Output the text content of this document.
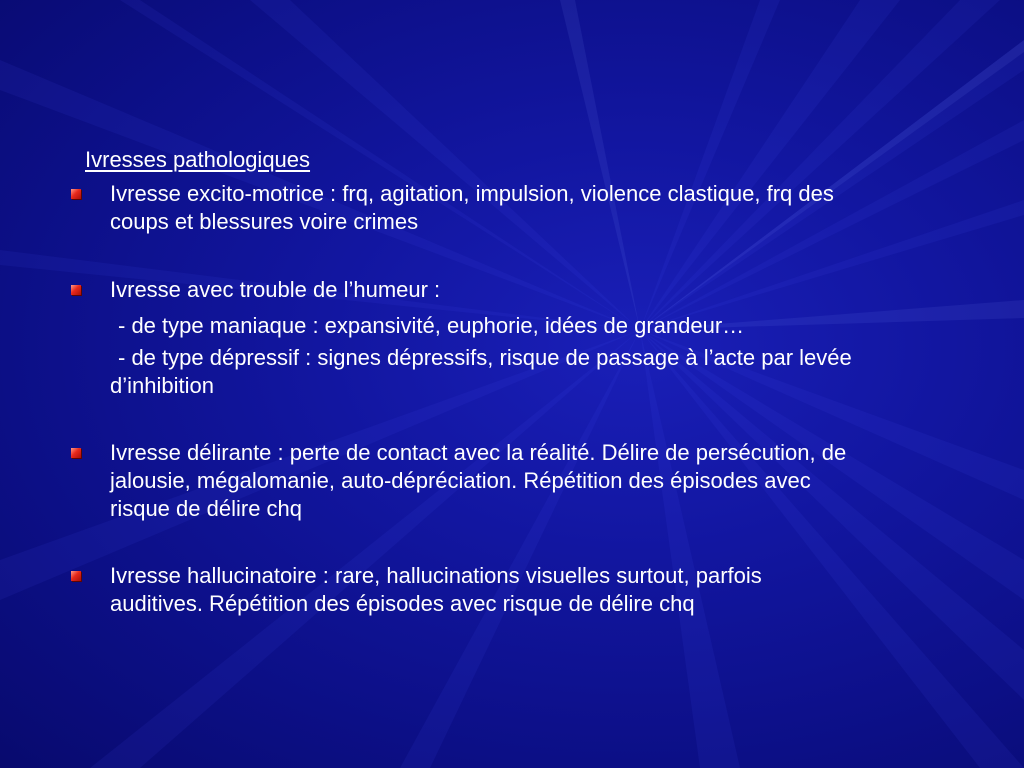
Ivresses pathologiques
Ivresse excito-motrice : frq, agitation, impulsion, violence clastique, frq des
coups et blessures voire crimes
Ivresse avec trouble de l’humeur :
- de type maniaque : expansivité, euphorie, idées de grandeur…
- de type dépressif : signes dépressifs, risque de passage à l’acte par levée
d’inhibition
Ivresse délirante : perte de contact avec la réalité. Délire de persécution, de
jalousie, mégalomanie, auto-dépréciation. Répétition des épisodes avec
risque de délire chq
Ivresse hallucinatoire : rare, hallucinations visuelles surtout, parfois
auditives. Répétition des épisodes avec risque de délire chq
